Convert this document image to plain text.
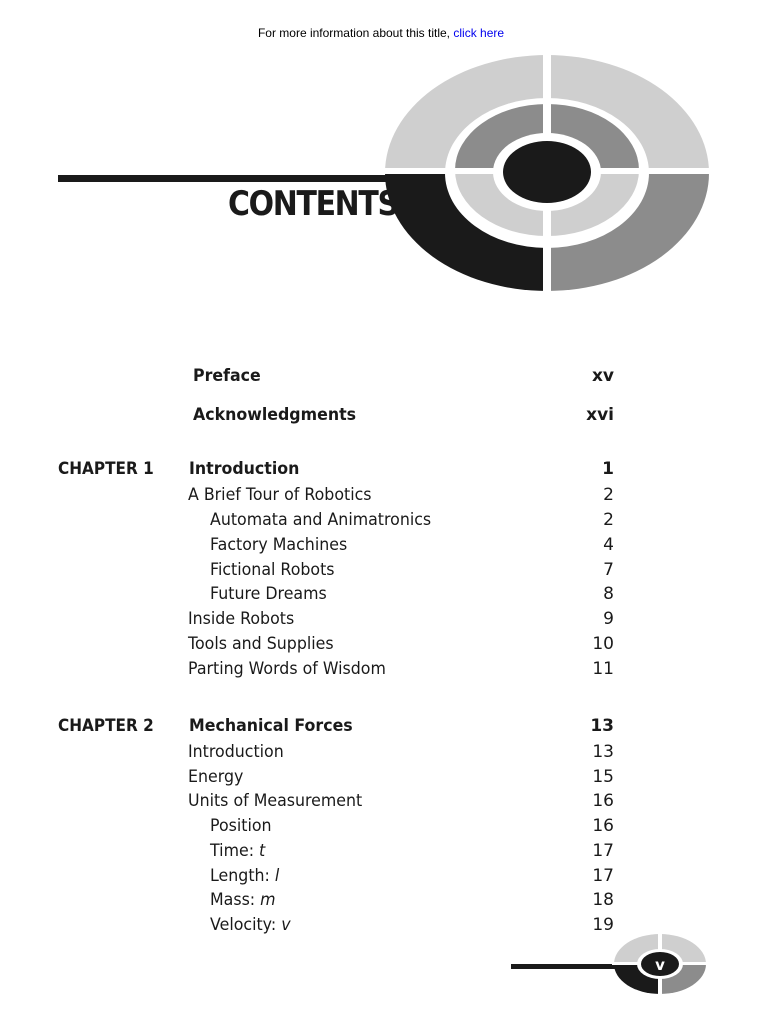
For more information about this title, click here
CONTENTS
Preface	xv
Acknowledgments	xvi
CHAPTER 1 Introduction	1
A Brief Tour of Robotics	2
Automata and Animatronics	2
Factory Machines	4
Fictional Robots	7
Future Dreams	8
Inside Robots	9
Tools and Supplies	10
Parting Words of Wisdom	11
CHAPTER 2 Mechanical Forces	13
Introduction	13
Energy	15
Units of Measurement	16
Position	16
Time: t	17
Length: l	17
Mass: m	18
Velocity: v	19
v
